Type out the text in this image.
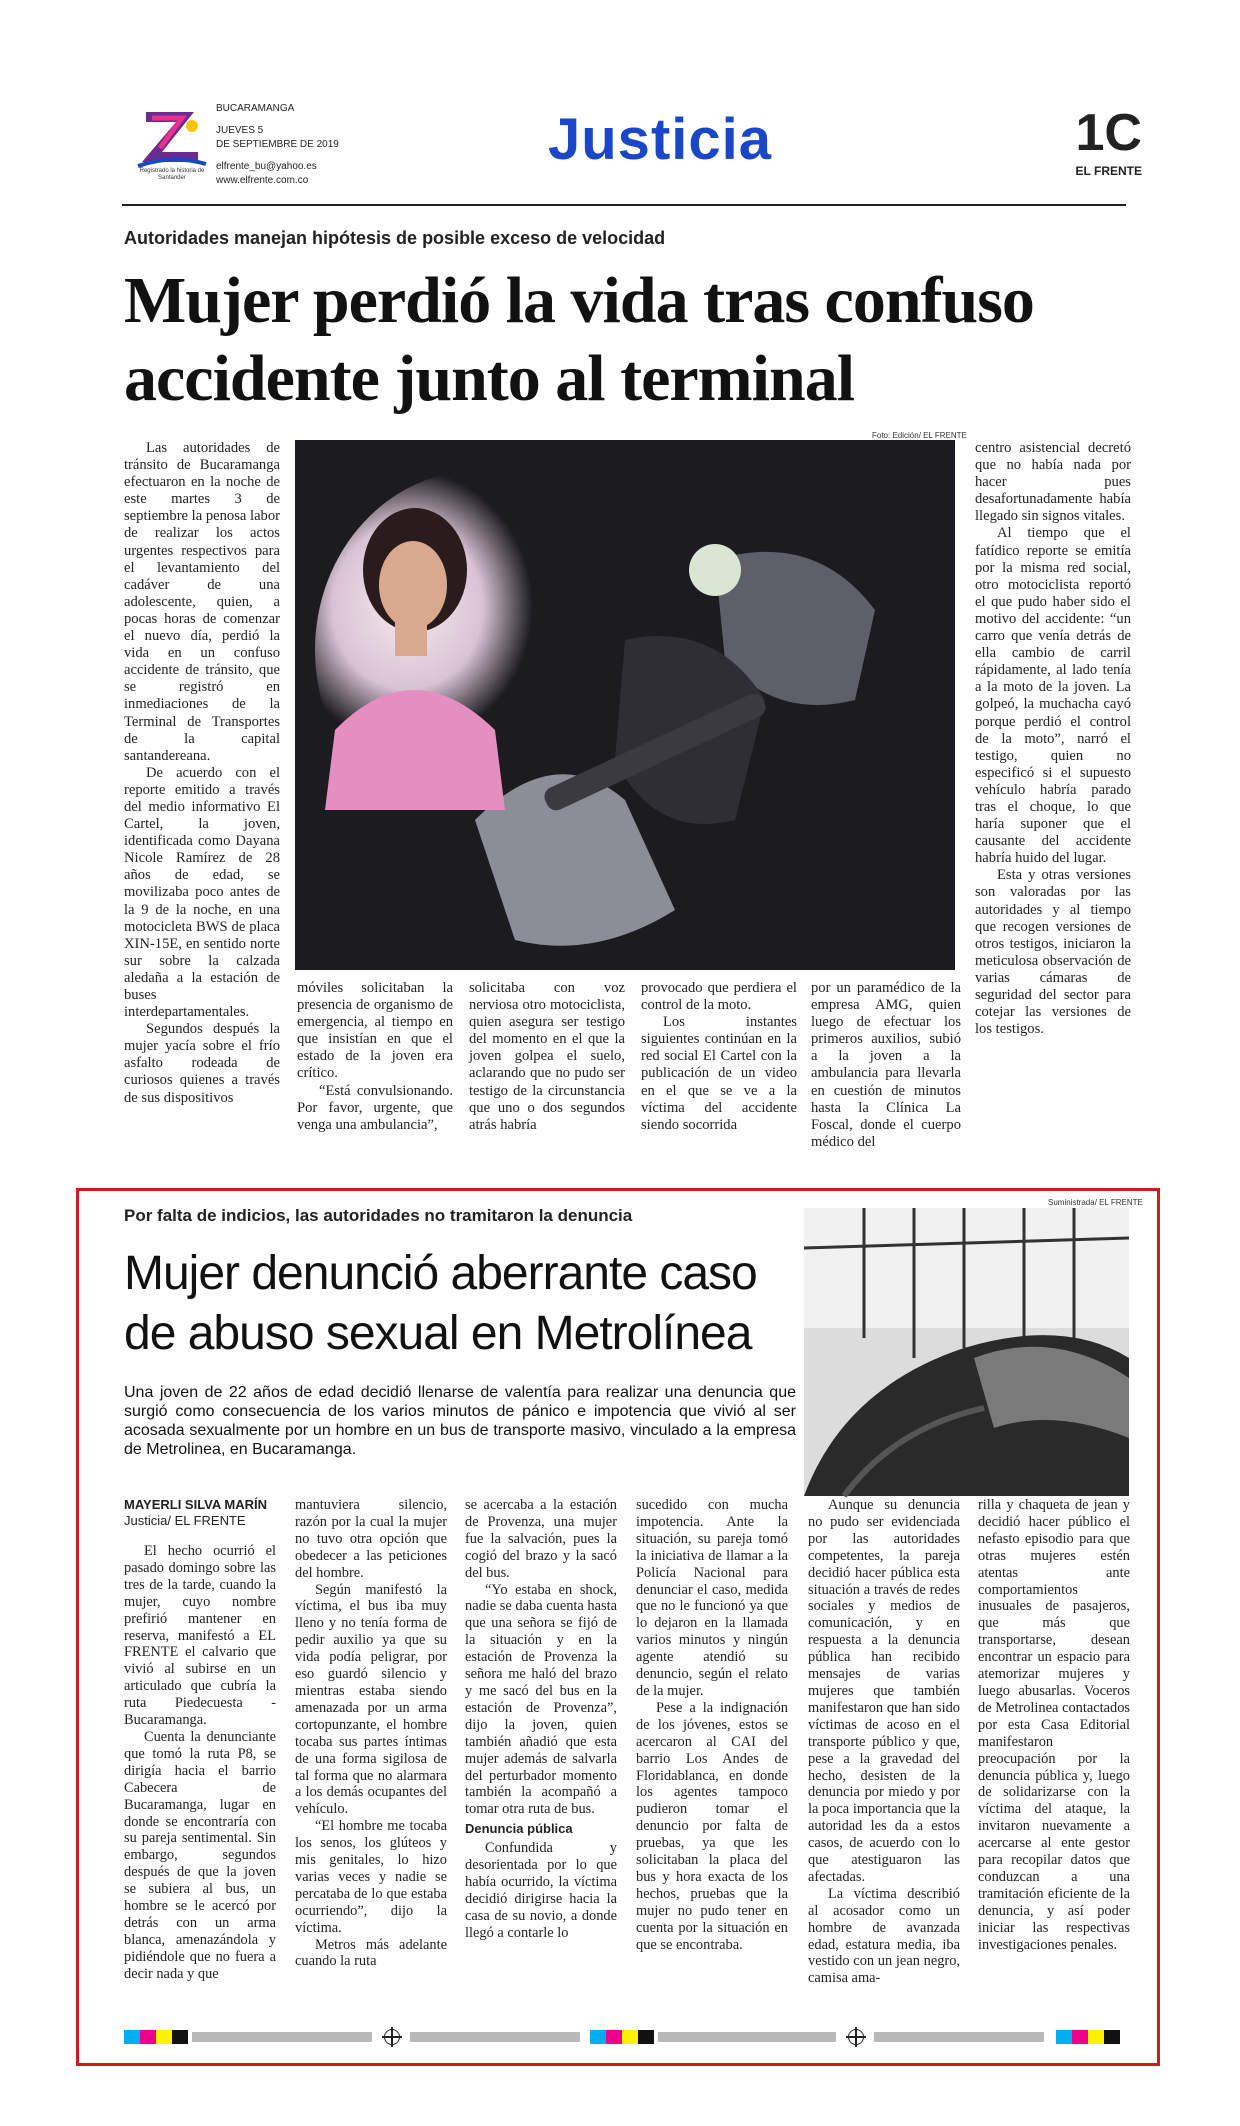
Registrado la historia de Santander
BUCARAMANGA
JUEVES 5
DE SEPTIEMBRE DE 2019
elfrente_bu@yahoo.es
www.elfrente.com.co
Justicia	1C
EL FRENTE
Autoridades manejan hipótesis de posible exceso de velocidad
Mujer perdió la vida tras confuso
accidente junto al terminal
Foto: Edición/ EL FRENTE

Las autoridades de tránsito de Bucaramanga efectuaron en la noche de este martes 3 de septiembre la penosa labor de realizar los actos urgentes respectivos para el levantamiento del cadáver de una adolescente, quien, a pocas horas de comenzar el nuevo día, perdió la vida en un confuso accidente de tránsito, que se registró en inmediaciones de la Terminal de Transportes de la capital santandereana.

De acuerdo con el reporte emitido a través del medio informativo El Cartel, la joven, identificada como Dayana Nicole Ramírez de 28 años de edad, se movilizaba poco antes de la 9 de la noche, en una motocicleta BWS de placa XIN-15E, en sentido norte sur sobre la calzada aledaña a la estación de buses interdepartamentales.

Segundos después la mujer yacía sobre el frío asfalto rodeada de curiosos quienes a través de sus dispositivos

móviles solicitaban la presencia de organismo de emergencia, al tiempo en que insistían en que el estado de la joven era crítico.

“Está convulsionando. Por favor, urgente, que venga una ambulancia”,

solicitaba con voz nerviosa otro motociclista, quien asegura ser testigo del momento en el que la joven golpea el suelo, aclarando que no pudo ser testigo de la circunstancia que uno o dos segundos atrás habría

provocado que perdiera el control de la moto.

Los instantes siguientes continúan en la red social El Cartel con la publicación de un video en el que se ve a la víctima del accidente siendo socorrida

por un paramédico de la empresa AMG, quien luego de efectuar los primeros auxilios, subió a la joven a la ambulancia para llevarla en cuestión de minutos hasta la Clínica La Foscal, donde el cuerpo médico del

centro asistencial decretó que no había nada por hacer pues desafortunadamente había llegado sin signos vitales.

Al tiempo que el fatídico reporte se emitía por la misma red social, otro motociclista reportó el que pudo haber sido el motivo del accidente: “un carro que venía detrás de ella cambio de carril rápidamente, al lado tenía a la moto de la joven. La golpeó, la muchacha cayó porque perdió el control de la moto”, narró el testigo, quien no especificó si el supuesto vehículo habría parado tras el choque, lo que haría suponer que el causante del accidente habría huido del lugar.

Esta y otras versiones son valoradas por las autoridades y al tiempo que recogen versiones de otros testigos, iniciaron la meticulosa observación de varias cámaras de seguridad del sector para cotejar las versiones de los testigos.

Por falta de indicios, las autoridades no tramitaron la denuncia
Mujer denunció aberrante caso
de abuso sexual en Metrolínea
Suministrada/ EL FRENTE
Una joven de 22 años de edad decidió llenarse de valentía para realizar una denuncia que surgió como consecuencia de los varios minutos de pánico e impotencia que vivió al ser acosada sexualmente por un hombre en un bus de transporte masivo, vinculado a la empresa de Metrolinea, en Bucaramanga.
MAYERLI SILVA MARÍN
Justicia/ EL FRENTE

El hecho ocurrió el pasado domingo sobre las tres de la tarde, cuando la mujer, cuyo nombre prefirió mantener en reserva, manifestó a EL FRENTE el calvario que vivió al subirse en un articulado que cubría la ruta Piedecuesta - Bucaramanga.

Cuenta la denunciante que tomó la ruta P8, se dirigía hacia el barrio Cabecera de Bucaramanga, lugar en donde se encontraría con su pareja sentimental. Sin embargo, segundos después de que la joven se subiera al bus, un hombre se le acercó por detrás con un arma blanca, amenazándola y pidiéndole que no fuera a decir nada y que

mantuviera silencio, razón por la cual la mujer no tuvo otra opción que obedecer a las peticiones del hombre.

Según manifestó la víctima, el bus iba muy lleno y no tenía forma de pedir auxilio ya que su vida podía peligrar, por eso guardó silencio y mientras estaba siendo amenazada por un arma cortopunzante, el hombre tocaba sus partes íntimas de una forma sigilosa de tal forma que no alarmara a los demás ocupantes del vehículo.

“El hombre me tocaba los senos, los glúteos y mis genitales, lo hizo varias veces y nadie se percataba de lo que estaba ocurriendo”, dijo la víctima.

Metros más adelante cuando la ruta

se acercaba a la estación de Provenza, una mujer fue la salvación, pues la cogió del brazo y la sacó del bus.

“Yo estaba en shock, nadie se daba cuenta hasta que una señora se fijó de la situación y en la estación de Provenza la señora me haló del brazo y me sacó del bus en la estación de Provenza”, dijo la joven, quien también añadió que esta mujer además de salvarla del perturbador momento también la acompañó a tomar otra ruta de bus.

Denuncia pública

Confundida y desorientada por lo que había ocurrido, la víctima decidió dirigirse hacia la casa de su novio, a donde llegó a contarle lo

sucedido con mucha impotencia. Ante la situación, su pareja tomó la iniciativa de llamar a la Policía Nacional para denunciar el caso, medida que no le funcionó ya que lo dejaron en la llamada varios minutos y ningún agente atendió su denuncio, según el relato de la mujer.

Pese a la indignación de los jóvenes, estos se acercaron al CAI del barrio Los Andes de Floridablanca, en donde los agentes tampoco pudieron tomar el denuncio por falta de pruebas, ya que les solicitaban la placa del bus y hora exacta de los hechos, pruebas que la mujer no pudo tener en cuenta por la situación en que se encontraba.

Aunque su denuncia no pudo ser evidenciada por las autoridades competentes, la pareja decidió hacer pública esta situación a través de redes sociales y medios de comunicación, y en respuesta a la denuncia pública han recibido mensajes de varias mujeres que también manifestaron que han sido víctimas de acoso en el transporte público y que, pese a la gravedad del hecho, desisten de la denuncia por miedo y por la poca importancia que la autoridad les da a estos casos, de acuerdo con lo que atestiguaron las afectadas.

La víctima describió al acosador como un hombre de avanzada edad, estatura media, iba vestido con un jean negro, camisa ama-

rilla y chaqueta de jean y decidió hacer público el nefasto episodio para que otras mujeres estén atentas ante comportamientos inusuales de pasajeros, que más que transportarse, desean encontrar un espacio para atemorizar mujeres y luego abusarlas. Voceros de Metrolinea contactados por esta Casa Editorial manifestaron preocupación por la denuncia pública y, luego de solidarizarse con la víctima del ataque, la invitaron nuevamente a acercarse al ente gestor para recopilar datos que conduzcan a una tramitación eficiente de la denuncia, y así poder iniciar las respectivas investigaciones penales.
